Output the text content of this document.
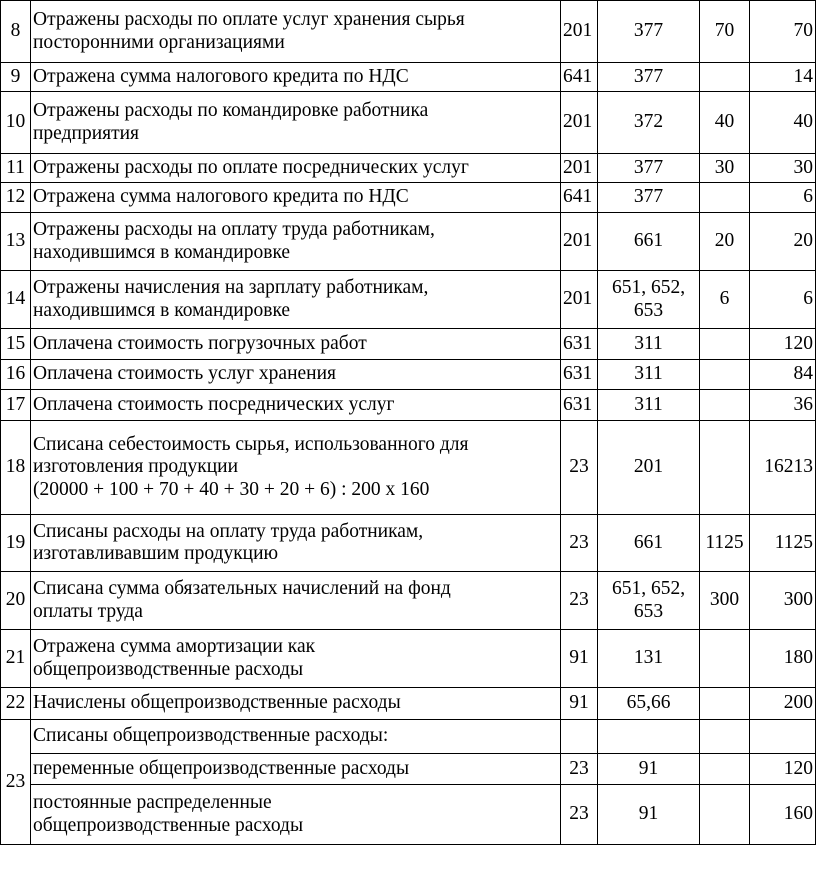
8	Отражены расходы по оплате услуг хранения сырья
посторонними организациями	201	377	70	70
9	Отражена сумма налогового кредита по НДС	641	377		14
10	Отражены расходы по командировке работника
предприятия	201	372	40	40
11	Отражены расходы по оплате посреднических услуг	201	377	30	30
12	Отражена сумма налогового кредита по НДС	641	377		6
13	Отражены расходы на оплату труда работникам,
находившимся в командировке	201	661	20	20
14	Отражены начисления на зарплату работникам,
находившимся в командировке	201	651, 652,
653	6	6
15	Оплачена стоимость погрузочных работ	631	311		120
16	Оплачена стоимость услуг хранения	631	311		84
17	Оплачена стоимость посреднических услуг	631	311		36
18	Списана себестоимость сырья, использованного для
изготовления продукции
(20000 + 100 + 70 + 40 + 30 + 20 + 6) : 200 х 160	23	201		16213
19	Списаны расходы на оплату труда работникам,
изготавливавшим продукцию	23	661	1125	1125
20	Списана сумма обязательных начислений на фонд
оплаты труда	23	651, 652,
653	300	300
21	Отражена сумма амортизации как
общепроизводственные расходы	91	131		180
22	Начислены общепроизводственные расходы	91	65,66		200
23	Списаны общепроизводственные расходы:				

	переменные общепроизводственные расходы	23	91		120

	постоянные распределенные
общепроизводственные расходы	23	91		160
